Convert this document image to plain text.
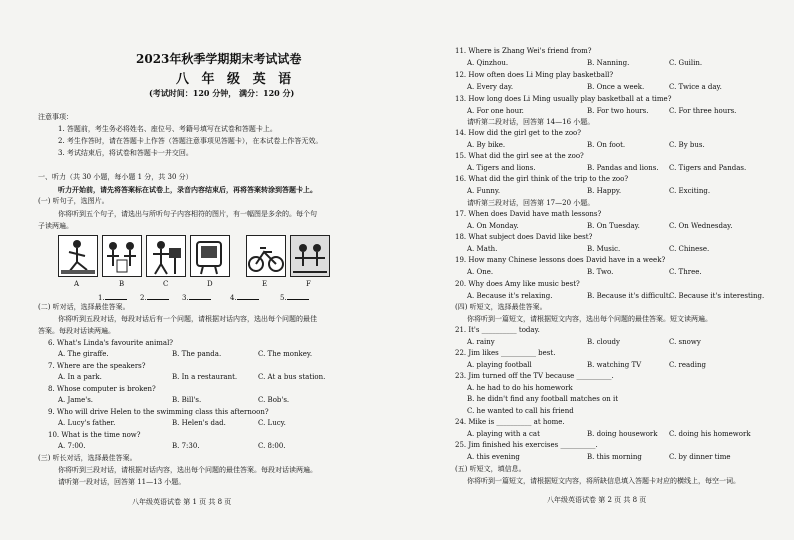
2023年秋季学期期末考试试卷
八 年 级 英 语
(考试时间：120 分钟， 满分：120 分)
注意事项：
1. 答题前，考生务必将姓名、座位号、考籍号填写在试卷和答题卡上。
2. 考生作答时，请在答题卡上作答（答题注意事项见答题卡），在本试卷上作答无效。
3. 考试结束后，将试卷和答题卡一并交回。
一、听力（共 30 小题，每小题 1 分，共 30 分）
听力开始前，请先将答案标在试卷上，录音内容结束后，再将答案转涂到答题卡上。
(一) 听句子，选图片。
你将听到五个句子，请选出与所听句子内容相符的图片，有一幅图是多余的。每个句
子读两遍。
A	B	C	D	E	F
1.	2.	3.	4.	5.
(二) 听对话，选择最佳答案。
你将听到五段对话，每段对话后有一个问题，请根据对话内容，选出每个问题的最佳
答案。每段对话读两遍。
6. What's Linda's favourite animal?
A. The giraffe.	B. The panda.	C. The monkey.
7. Where are the speakers?
A. In a park.	B. In a restaurant.	C. At a bus station.
8. Whose computer is broken?
A. Jame's.	B. Bill's.	C. Bob's.
9. Who will drive Helen to the swimming class this afternoon?
A. Lucy's father.	B. Helen's dad.	C. Lucy.
10. What is the time now?
A. 7:00.	B. 7:30.	C. 8:00.
(三) 听长对话，选择最佳答案。
你将听到三段对话，请根据对话内容，选出每个问题的最佳答案。每段对话读两遍。
请听第一段对话，回答第 11—13 小题。
八年级英语试卷 第 1 页 共 8 页
11. Where is Zhang Wei's friend from?
A. Qinzhou.	B. Nanning.	C. Guilin.
12. How often does Li Ming play basketball?
A. Every day.	B. Once a week.	C. Twice a day.
13. How long does Li Ming usually play basketball at a time?
A. For one hour.	B. For two hours.	C. For three hours.
请听第二段对话，回答第 14—16 小题。
14. How did the girl get to the zoo?
A. By bike.	B. On foot.	C. By bus.
15. What did the girl see at the zoo?
A. Tigers and lions.	B. Pandas and lions. C. Tigers and Pandas.
16. What did the girl think of the trip to the zoo?
A. Funny.	B. Happy.	C. Exciting.
请听第三段对话，回答第 17—20 小题。
17. When does David have math lessons?
A. On Monday.	B. On Tuesday.	C. On Wednesday.
18. What subject does David like best?
A. Math.	B. Music.	C. Chinese.
19. How many Chinese lessons does David have in a week?
A. One.	B. Two.	C. Three.
20. Why does Amy like music best?
A. Because it's relaxing.	B. Because it's difficult.
C. Because it's interesting.
(四) 听短文，选择最佳答案。
你将听到一篇短文，请根据短文内容，选出每个问题的最佳答案。短文读两遍。
21. It's __________ today.
A. rainy	B. cloudy	C. snowy
22. Jim likes __________ best.
A. playing football	B. watching TV	C. reading
23. Jim turned off the TV because __________.
A. he had to do his homework
B. he didn't find any football matches on it
C. he wanted to call his friend
24. Mike is __________ at home.
A. playing with a cat	B. doing housework C. doing his homework
25. Jim finished his exercises __________.
A. this evening	B. this morning	C. by dinner time
(五) 听短文，填信息。
你将听到一篇短文，请根据短文内容，将所缺信息填入答题卡对应的横线上，每空一词。
八年级英语试卷 第 2 页 共 8 页
